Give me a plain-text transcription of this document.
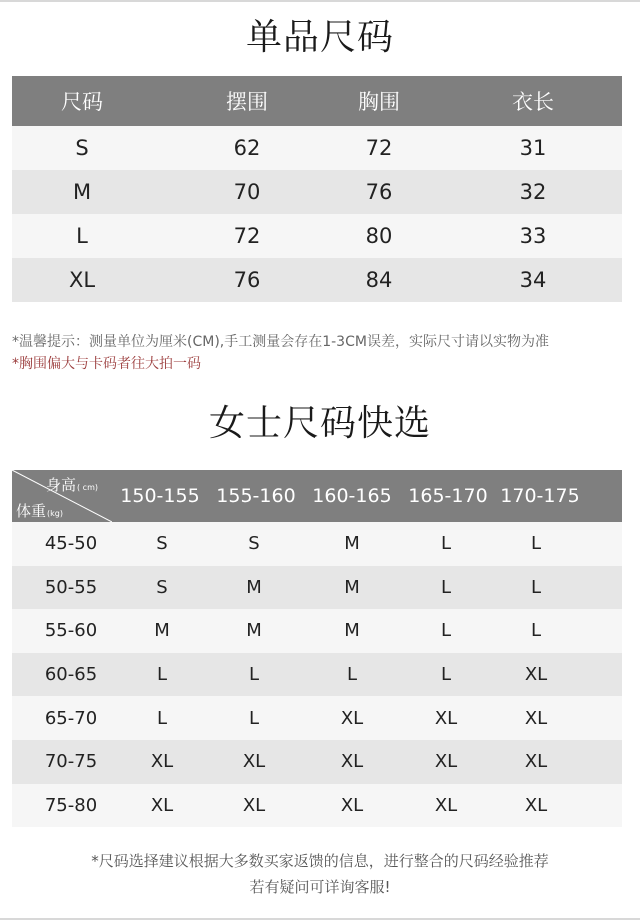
单品尺码
尺码	摆围	胸围	衣长
S	62	72	31
M	70	76	32
L	72	80	33
XL	76	84	34
*温馨提示：测量单位为厘米(CM),手工测量会存在1-3CM误差，实际尺寸请以实物为准
*胸围偏大与卡码者往大拍一码
女士尺码快选
身高( cm)
体重(kg)
150-155 155-160 160-165 165-170 170-175
45-50	S	S	M	L	L
50-55	S	M	M	L	L
55-60	M	M	M	L	L
60-65	L	L	L	L	XL
65-70	L	L	XL	XL	XL
70-75	XL	XL	XL	XL	XL
75-80	XL	XL	XL	XL	XL
*尺码选择建议根据大多数买家返馈的信息，进行整合的尺码经验推荐
若有疑问可详询客服!
